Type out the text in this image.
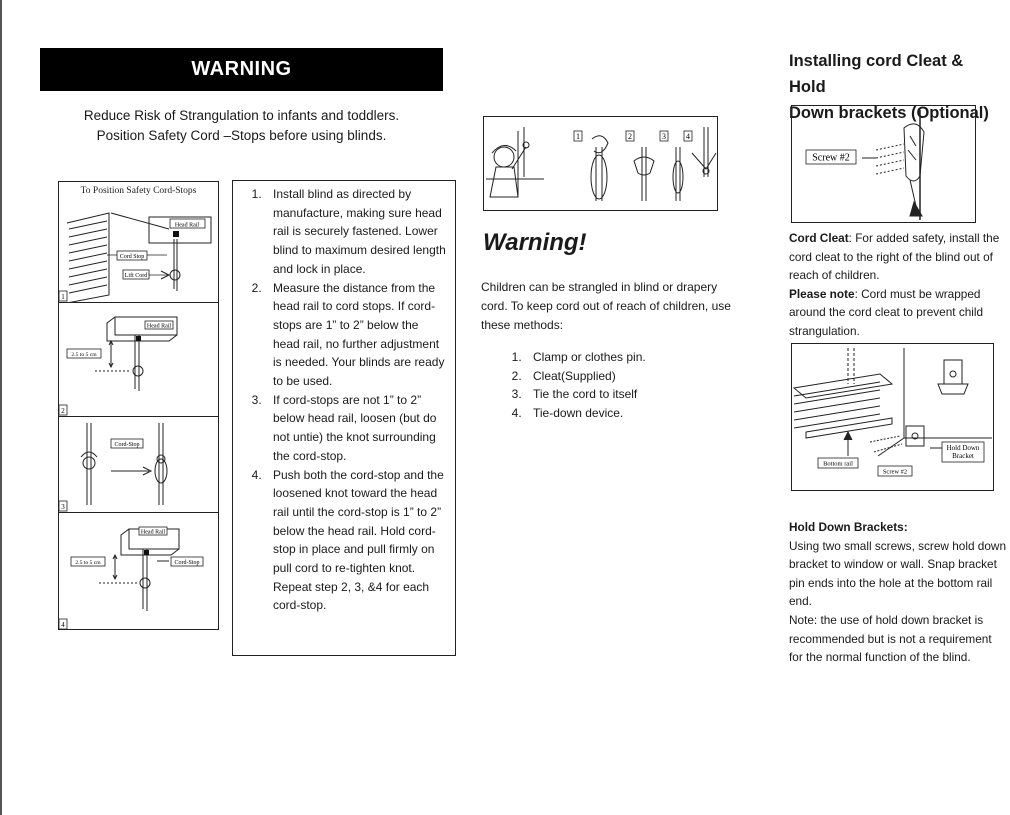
WARNING
Reduce Risk of Strangulation to infants and toddlers.
Position Safety Cord –Stops before using blinds.
To Position Safety Cord-Stops
Head Rail
Cord Stop
Lift Cord
1
Head Rail
2.5 to 5 cm
2
Cord-Stop
3
Head Rail
2.5 to 5 cm	Cord-Stop
4
1. Install blind as directed by manufacture, making sure head rail is securely fastened. Lower blind to maximum desired length and lock in place.
2. Measure the distance from the head rail to cord stops. If cord-stops are 1” to 2” below the head rail, no further adjustment is needed. Your blinds are ready to be used.
3. If cord-stops are not 1” to 2” below head rail, loosen (but do not untie) the knot surrounding the cord-stop.
4. Push both the cord-stop and the loosened knot toward the head rail until the cord-stop is 1” to 2” below the head rail. Hold cord-stop in place and pull firmly on pull cord to re-tighten knot. Repeat step 2, 3, &4 for each cord-stop.
1	2	3	4
Warning!
Children can be strangled in blind or drapery cord. To keep cord out of reach of children, use these methods:
1. Clamp or clothes pin.
2. Cleat(Supplied)
3. Tie the cord to itself
4. Tie-down device.
Installing cord Cleat & Hold
Down brackets (Optional)
Screw #2
Cord Cleat: For added safety, install the cord cleat to the right of the blind out of reach of children.
Please note: Cord must be wrapped around the cord cleat to prevent child strangulation.
Hold Down
Bracket
Bottom rail
Screw #2
Hold Down Brackets:
Using two small screws, screw hold down bracket to window or wall. Snap bracket pin ends into the hole at the bottom rail end.
Note: the use of hold down bracket is recommended but is not a requirement for the normal function of the blind.
